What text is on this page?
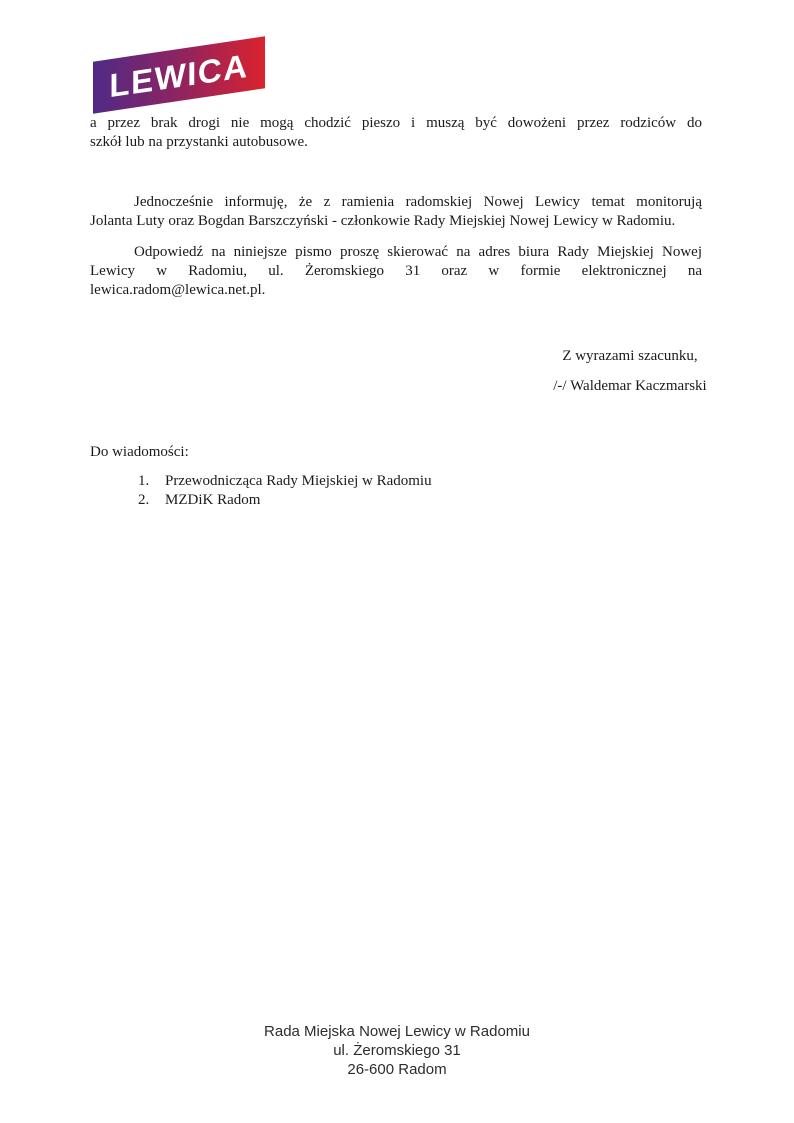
LEWICA
a przez brak drogi nie mogą chodzić pieszo i muszą być dowożeni przez rodziców do
szkół lub na przystanki autobusowe.
Jednocześnie informuję, że z ramienia radomskiej Nowej Lewicy temat monitorują
Jolanta Luty oraz Bogdan Barszczyński - członkowie Rady Miejskiej Nowej Lewicy w Radomiu.
Odpowiedź na niniejsze pismo proszę skierować na adres biura Rady Miejskiej Nowej
Lewicy w Radomiu, ul. Żeromskiego 31 oraz w formie elektronicznej na
lewica.radom@lewica.net.pl.
Z wyrazami szacunku,
/-/ Waldemar Kaczmarski
Do wiadomości:
1.	Przewodnicząca Rady Miejskiej w Radomiu
2.	MZDiK Radom
Rada Miejska Nowej Lewicy w Radomiu
ul. Żeromskiego 31
26-600 Radom
